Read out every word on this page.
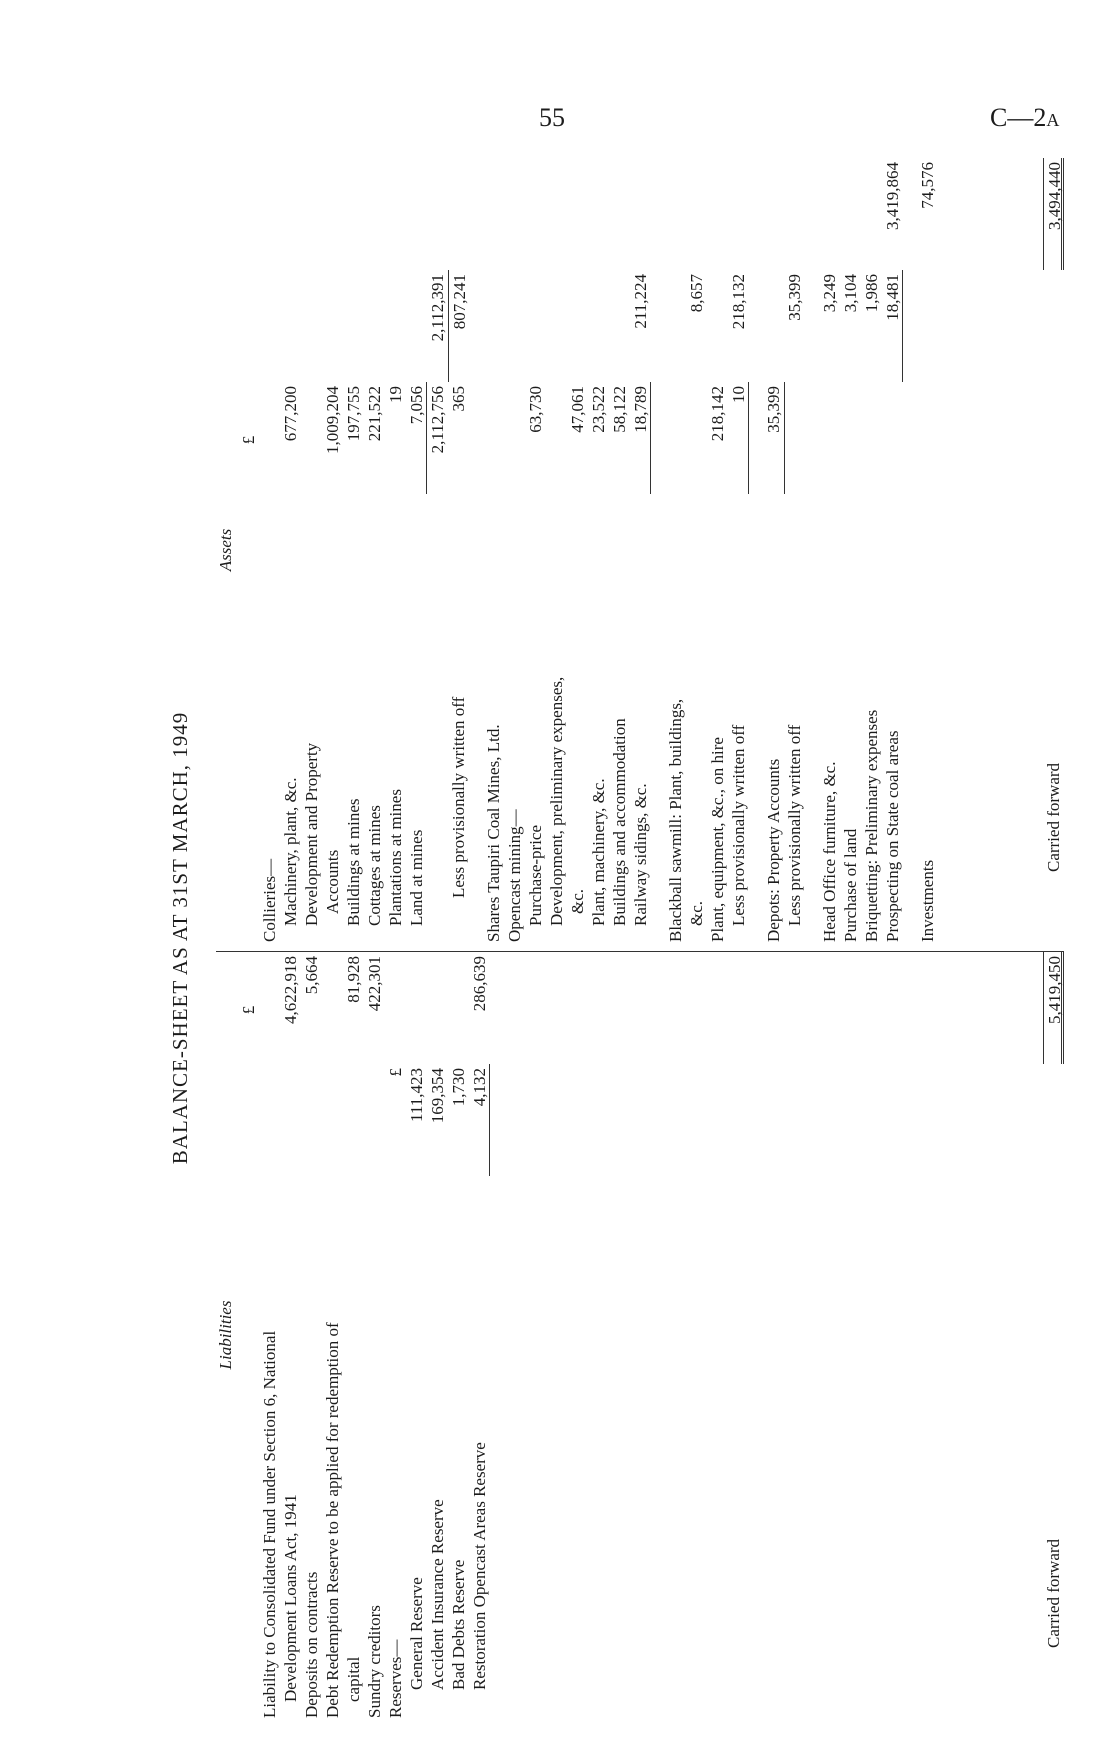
55	C—2A
BALANCE-SHEET AS AT 31ST MARCH, 1949
Liabilities
£
Liability to Consolidated Fund under Section 6, National Development Loans Act, 1941
4,622,918
Deposits on contracts
5,664
Debt Redemption Reserve to be applied for redemption of capital
81,928
Sundry creditors
422,301
Reserves—
£
General Reserve
111,423
Accident Insurance Reserve
169,354
Bad Debts Reserve
1,730
Restoration Opencast Areas Reserve
4,132
286,639
Carried forward
5,419,450
Assets
£
Collieries— Machinery, plant, &c.
677,200
Development and Property Accounts
1,009,204
Buildings at mines
197,755
Cottages at mines
221,522
Plantations at mines
19
Land at mines
7,056 2,112,756
2,112,391
Less provisionally written off
365
807,241
Shares Taupiri Coal Mines, Ltd. Opencast mining— Purchase-price
63,730
Development, preliminary expenses, &c.
47,061
Plant, machinery, &c.
23,522
Buildings and accommodation
58,122
Railway sidings, &c.
18,789
211,224
Blackball sawmill: Plant, buildings, &c.
8,657
Plant, equipment, &c., on hire
218,142
Less provisionally written off
10
218,132
Depots: Property Accounts
35,399
Less provisionally written off
35,399
Head Office furniture, &c.
3,249
Purchase of land
3,104
Briquetting: Preliminary expenses
1,986
Prospecting on State coal areas
18,481
3,419,864
Investments
74,576
Carried forward
3,494,440
